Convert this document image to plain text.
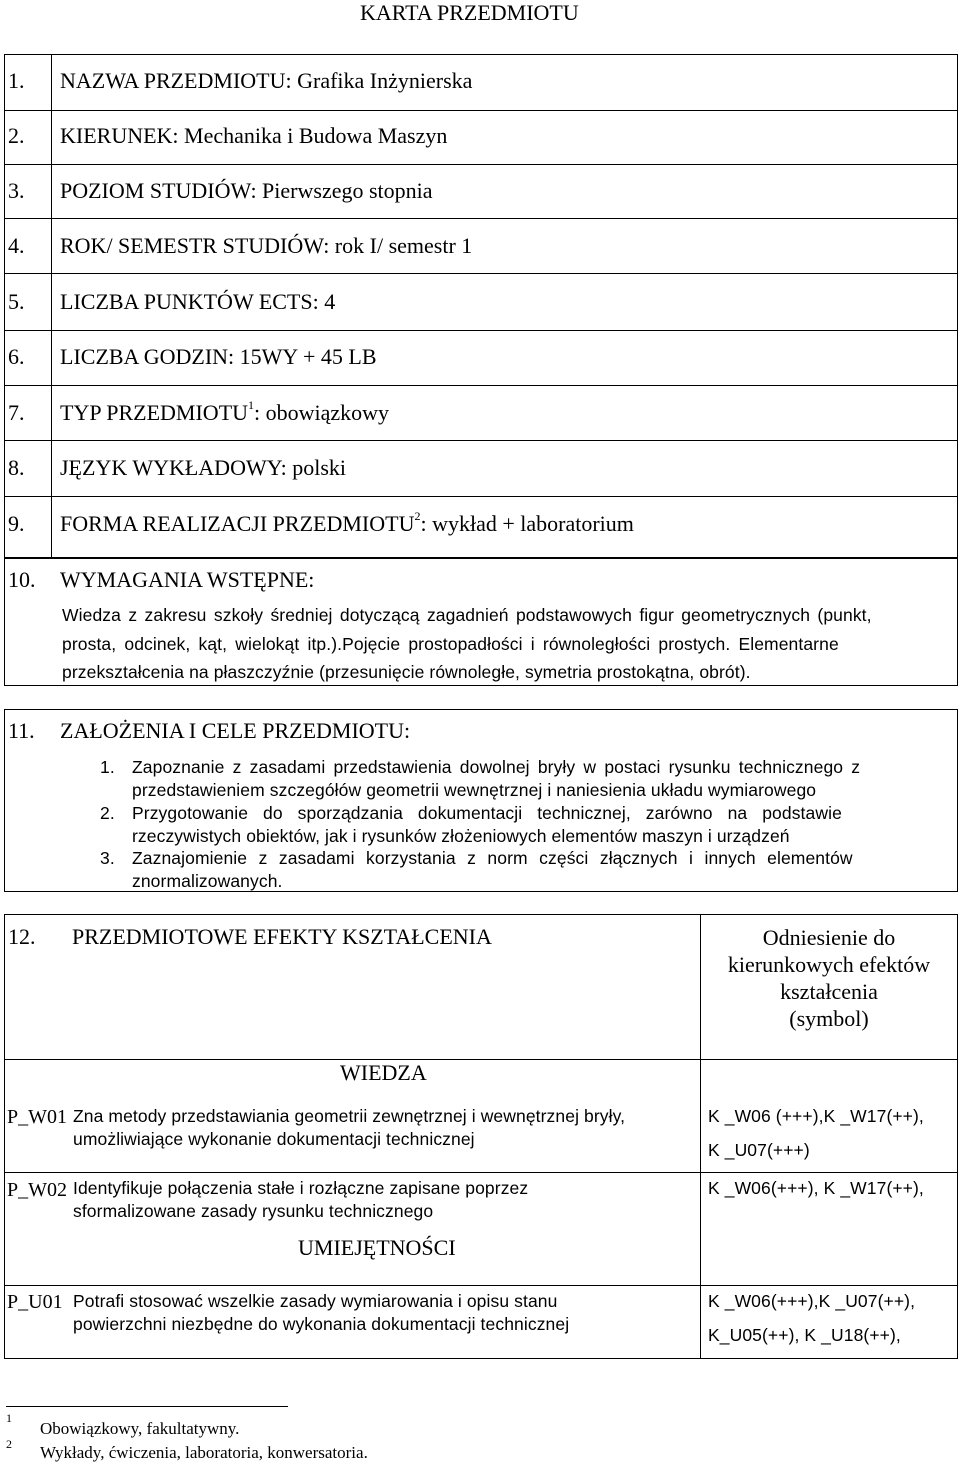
KARTA PRZEDMIOTU
1. NAZWA PRZEDMIOTU: Grafika Inżynierska
2. KIERUNEK: Mechanika i Budowa Maszyn
3. POZIOM STUDIÓW: Pierwszego stopnia
4. ROK/ SEMESTR STUDIÓW: rok I/ semestr 1
5. LICZBA PUNKTÓW ECTS: 4
6. LICZBA GODZIN: 15WY + 45 LB
7. TYP PRZEDMIOTU$^1$: obowiązkowy
8. JĘZYK WYKŁADOWY: polski
9. FORMA REALIZACJI PRZEDMIOTU$^2$: wykład + laboratorium
10. WYMAGANIA WSTĘPNE:
Wiedza z zakresu szkoły średniej dotyczącą zagadnień podstawowych figur geometrycznych (punkt,
prosta, odcinek, kąt, wielokąt itp.).Pojęcie prostopadłości i równoległości prostych. Elementarne
przekształcenia na płaszczyźnie (przesunięcie równoległe, symetria prostokątna, obrót).
11. ZAŁOŻENIA I CELE PRZEDMIOTU:
1. Zapoznanie z zasadami przedstawienia dowolnej bryły w postaci rysunku technicznego z
przedstawieniem szczegółów geometrii wewnętrznej i naniesienia układu wymiarowego
2. Przygotowanie do sporządzania dokumentacji technicznej, zarówno na podstawie
rzeczywistych obiektów, jak i rysunków złożeniowych elementów maszyn i urządzeń
3. Zaznajomienie z zasadami korzystania z norm części złącznych i innych elementów
znormalizowanych.
12. PRZEDMIOTOWE EFEKTY KSZTAŁCENIA	Odniesienie do
kierunkowych efektów
kształcenia
(symbol)
WIEDZA
P_W01 Zna metody przedstawiania geometrii zewnętrznej i wewnętrznej bryły,
umożliwiające wykonanie dokumentacji technicznej
K _W06 (+++),K _W17(++),
K _U07(+++)
P_W02 Identyfikuje połączenia stałe i rozłączne zapisane poprzez
sformalizowane zasady rysunku technicznego
K _W06(+++), K _W17(++),
UMIEJĘTNOŚCI
P_U01 Potrafi stosować wszelkie zasady wymiarowania i opisu stanu
powierzchni niezbędne do wykonania dokumentacji technicznej
K _W06(+++),K _U07(++),
K_U05(++), K _U18(++),
1
Obowiązkowy, fakultatywny.
2 Wykłady, ćwiczenia, laboratoria, konwersatoria.
